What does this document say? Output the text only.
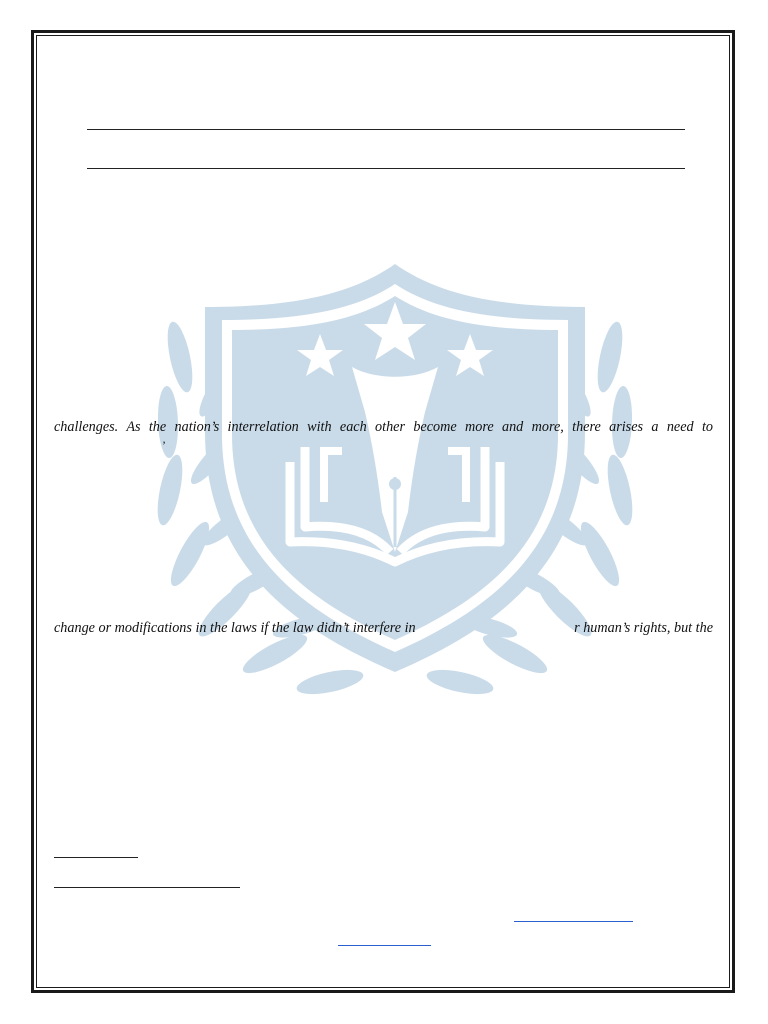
challenges. As the nation’s interrelation with each other become more and more, there arises a need to
’
change or modifications in the laws if the law didn’t interfere in	r human’s rights, but the
